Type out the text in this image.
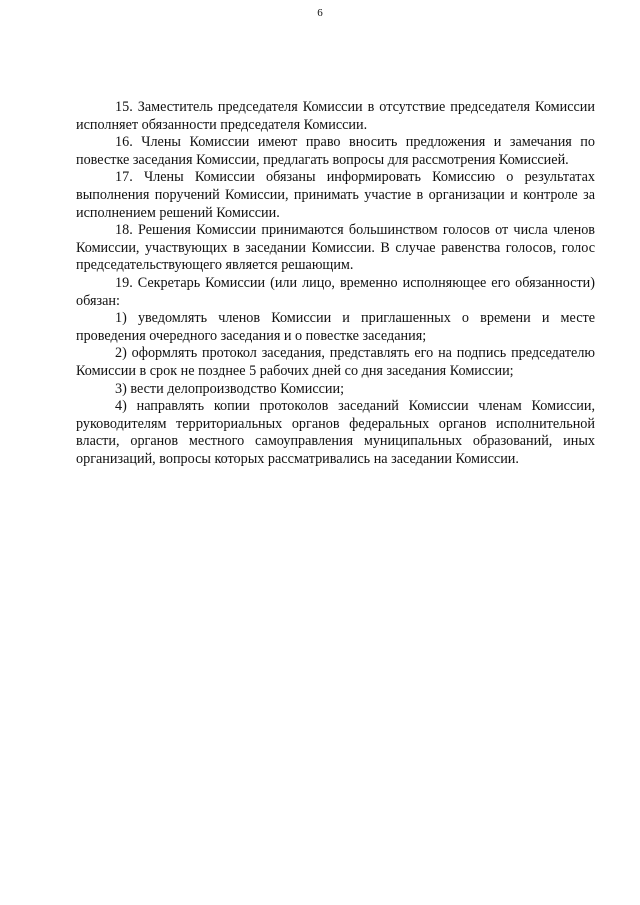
6

15. Заместитель председателя Комиссии в отсутствие председателя Комиссии исполняет обязанности председателя Комиссии.

16. Члены Комиссии имеют право вносить предложения и замечания по повестке заседания Комиссии, предлагать вопросы для рассмотрения Комиссией.

17. Члены Комиссии обязаны информировать Комиссию о результатах выполнения поручений Комиссии, принимать участие в организации и контроле за исполнением решений Комиссии.

18. Решения Комиссии принимаются большинством голосов от числа членов Комиссии, участвующих в заседании Комиссии. В случае равенства голосов, голос председательствующего является решающим.

19. Секретарь Комиссии (или лицо, временно исполняющее его обязанности) обязан:

1) уведомлять членов Комиссии и приглашенных о времени и месте проведения очередного заседания и о повестке заседания;

2) оформлять протокол заседания, представлять его на подпись председателю Комиссии в срок не позднее 5 рабочих дней со дня заседания Комиссии;

3) вести делопроизводство Комиссии;

4) направлять копии протоколов заседаний Комиссии членам Комиссии, руководителям территориальных органов федеральных органов исполнительной власти, органов местного самоуправления муниципальных образований, иных организаций, вопросы которых рассматривались на заседании Комиссии.
